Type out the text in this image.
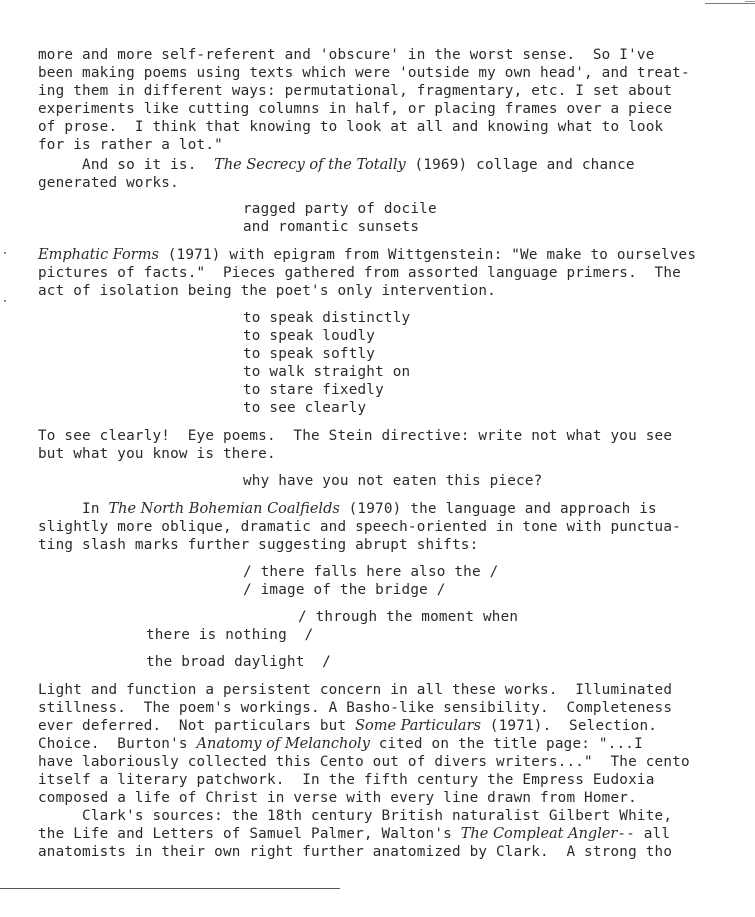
more and more self-referent and 'obscure' in the worst sense.  So I've
been making poems using texts which were 'outside my own head', and treat-
ing them in different ways: permutational, fragmentary, etc. I set about
experiments like cutting columns in half, or placing frames over a piece
of prose.  I think that knowing to look at all and knowing what to look
for is rather a lot."
And so it is.  The Secrecy of the Totally (1969) collage and chance
generated works.
ragged party of docile
and romantic sunsets
Emphatic Forms (1971) with epigram from Wittgenstein: "We make to ourselves
pictures of facts."  Pieces gathered from assorted language primers.  The
act of isolation being the poet's only intervention.
to speak distinctly
to speak loudly
to speak softly
to walk straight on
to stare fixedly
to see clearly
To see clearly!  Eye poems.  The Stein directive: write not what you see
but what you know is there.
why have you not eaten this piece?
In The North Bohemian Coalfields (1970) the language and approach is
slightly more oblique, dramatic and speech-oriented in tone with punctua-
ting slash marks further suggesting abrupt shifts:
/ there falls here also the /
/ image of the bridge /
/ through the moment when
there is nothing  /
the broad daylight  /
Light and function a persistent concern in all these works.  Illuminated
stillness.  The poem's workings. A Basho-like sensibility.  Completeness
ever deferred.  Not particulars but Some Particulars (1971).  Selection.
Choice.  Burton's Anatomy of Melancholy cited on the title page: "...I
have laboriously collected this Cento out of divers writers..."  The cento
itself a literary patchwork.  In the fifth century the Empress Eudoxia
composed a life of Christ in verse with every line drawn from Homer.
Clark's sources: the 18th century British naturalist Gilbert White,
the Life and Letters of Samuel Palmer, Walton's The Compleat Angler-- all
anatomists in their own right further anatomized by Clark.  A strong tho
